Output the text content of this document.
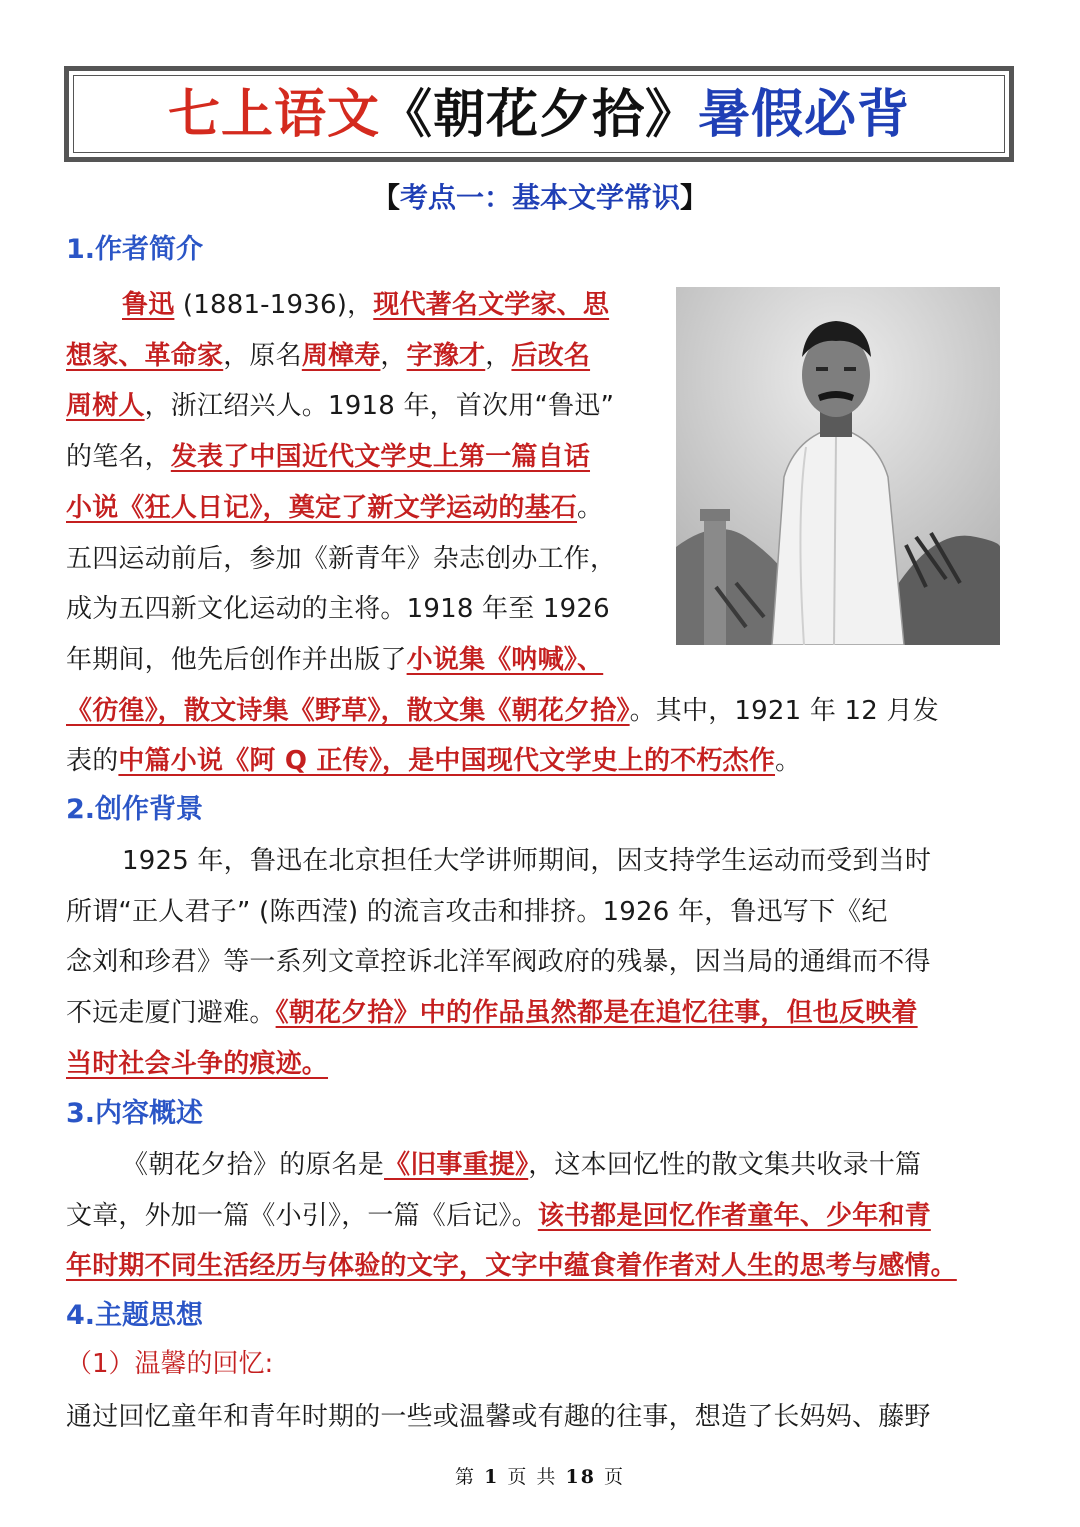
七上语文《朝花夕拾》暑假必背
【考点一：基本文学常识】
1.作者简介
鲁迅 (1881-1936)，现代著名文学家、思
想家、革命家，原名周樟寿，字豫才，后改名
周树人，浙江绍兴人。1918 年，首次用“鲁迅”
的笔名，发表了中国近代文学史上第一篇自话
小说《狂人日记》，奠定了新文学运动的基石。
五四运动前后，参加《新青年》杂志创办工作，
成为五四新文化运动的主将。1918 年至 1926
年期间，他先后创作并出版了小说集《呐喊》、
《彷徨》，散文诗集《野草》，散文集《朝花夕拾》。其中，1921 年 12 月发
表的中篇小说《阿 Q 正传》，是中国现代文学史上的不朽杰作。
2.创作背景
1925 年，鲁迅在北京担任大学讲师期间，因支持学生运动而受到当时
所谓“正人君子” (陈西滢) 的流言攻击和排挤。1926 年，鲁迅写下《纪
念刘和珍君》等一系列文章控诉北洋军阀政府的残暴，因当局的通缉而不得
不远走厦门避难。《朝花夕拾》中的作品虽然都是在追忆往事，但也反映着
当时社会斗争的痕迹。
3.内容概述
《朝花夕拾》的原名是《旧事重提》，这本回忆性的散文集共收录十篇
文章，外加一篇《小引》，一篇《后记》。该书都是回忆作者童年、少年和青
年时期不同生活经历与体验的文字，文字中蕴食着作者对人生的思考与感情。
4.主题思想
（1）温馨的回忆:
通过回忆童年和青年时期的一些或温馨或有趣的往事，想造了长妈妈、藤野
第 1 页 共 18 页
